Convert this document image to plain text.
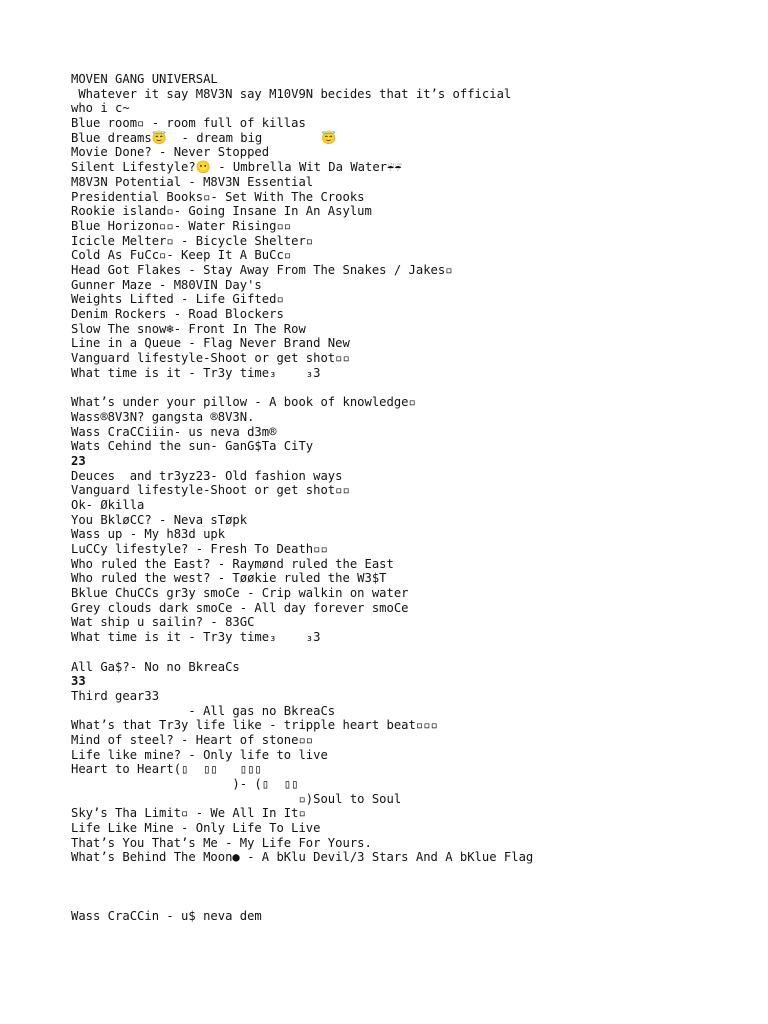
MOVEN GANG UNIVERSAL
Whatever it say M8V3N say M10V9N becides that it’s official
who i c~
Blue room▫ - room full of killas
Blue dreams😇  - dream big        😇
Movie Done? - Never Stopped
Silent Lifestyle?😶 - Umbrella Wit Da Water☔☔
M8V3N Potential - M8V3N Essential
Presidential Books▫- Set With The Crooks
Rookie island▫- Going Insane In An Asylum
Blue Horizon▫▫- Water Rising▫▫
Icicle Melter▫ - Bicycle Shelter▫
Cold As FuCc▫- Keep It A BuCc▫
Head Got Flakes - Stay Away From The Snakes / Jakes▫
Gunner Maze - M80VIN Day's
Weights Lifted - Life Gifted▫
Denim Rockers - Road Blockers
Slow The snow❄- Front In The Row
Line in a Queue - Flag Never Brand New
Vanguard lifestyle-Shoot or get shot▫▫
What time is it - Tr3y time₃    ₃3
What’s under your pillow - A book of knowledge▫
Wass®8V3N? gangsta ®8V3N.
Wass CraCCiiin- us neva d3m®
Wats Cehind the sun- GanG$Ta CiTy
23
Deuces  and tr3yz23- Old fashion ways
Vanguard lifestyle-Shoot or get shot▫▫
Ok- Økilla
You BkløCC? - Neva sTøpk
Wass up - My h83d upk
LuCCy lifestyle? - Fresh To Death▫▫
Who ruled the East? - Raymønd ruled the East
Who ruled the west? - Tøøkie ruled the W3$T
Bklue ChuCCs gr3y smoCe - Crip walkin on water
Grey clouds dark smoCe - All day forever smoCe
Wat ship u sailin? - 83GC
What time is it - Tr3y time₃    ₃3
All Ga$?- No no BkreaCs
33
Third gear33
- All gas no BkreaCs
What’s that Tr3y life like - tripple heart beat▫▫▫
Mind of steel? - Heart of stone▫▫
Life like mine? - Only life to live
Heart to Heart(▯  ▯▯   ▯▯▯
)- (▯  ▯▯
▫)Soul to Soul
Sky’s Tha Limit▫ - We All In It▫
Life Like Mine - Only Life To Live
That’s You That’s Me - My Life For Yours.
What’s Behind The Moon● - A bKlu Devil/3 Stars And A bKlue Flag
Wass CraCCin - u$ neva dem
